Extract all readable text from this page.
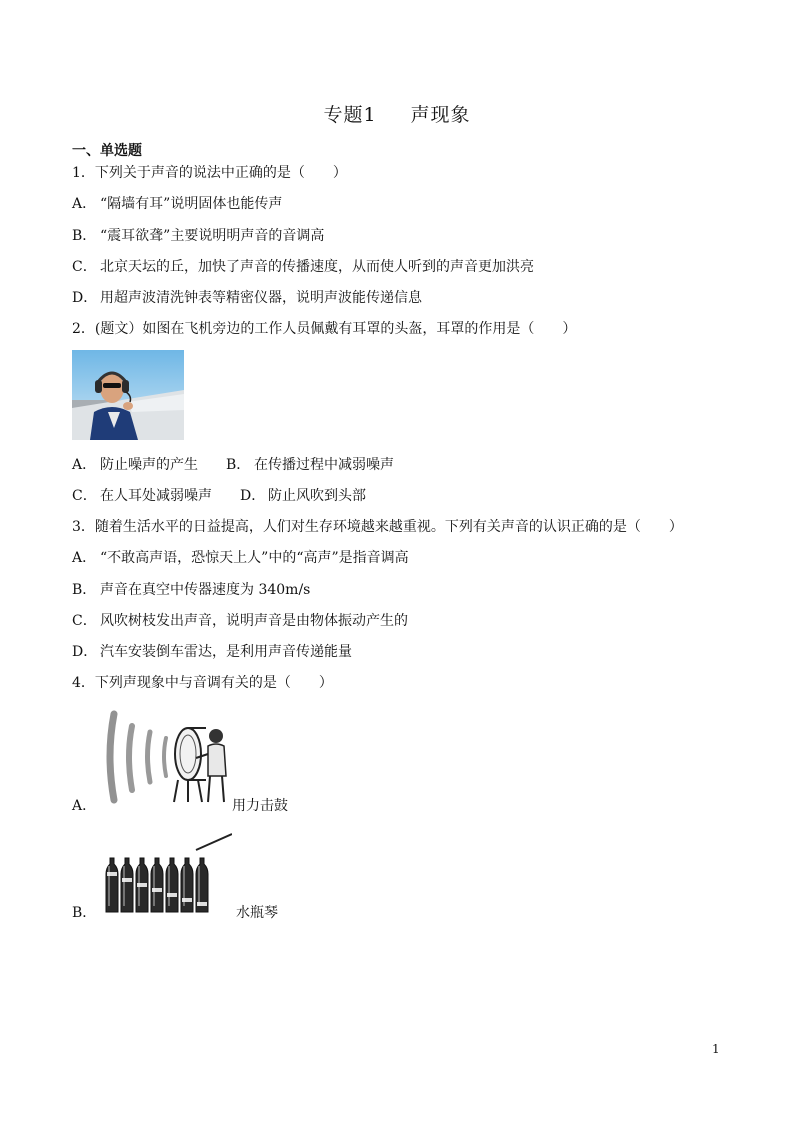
专题1 声现象
一、单选题
1．下列关于声音的说法中正确的是（　　）
A． “隔墙有耳”说明固体也能传声
B． “震耳欲聋”主要说明明声音的音调高
C． 北京天坛的丘，加快了声音的传播速度，从而使人听到的声音更加洪亮
D． 用超声波清洗钟表等精密仪器，说明声波能传递信息
2．(题文）如图在飞机旁边的工作人员佩戴有耳罩的头盔，耳罩的作用是（　　）
A． 防止噪声的产生 B． 在传播过程中减弱噪声
C． 在人耳处减弱噪声 D． 防止风吹到头部
3．随着生活水平的日益提高，人们对生存环境越来越重视。下列有关声音的认识正确的是（　　）
A． “不敢高声语，恐惊天上人”中的“高声”是指音调高
B． 声音在真空中传器速度为 340m/s
C． 风吹树枝发出声音，说明声音是由物体振动产生的
D． 汽车安装倒车雷达，是利用声音传递能量
4．下列声现象中与音调有关的是（　　）
A．	用力击鼓
B．	水瓶琴
1
